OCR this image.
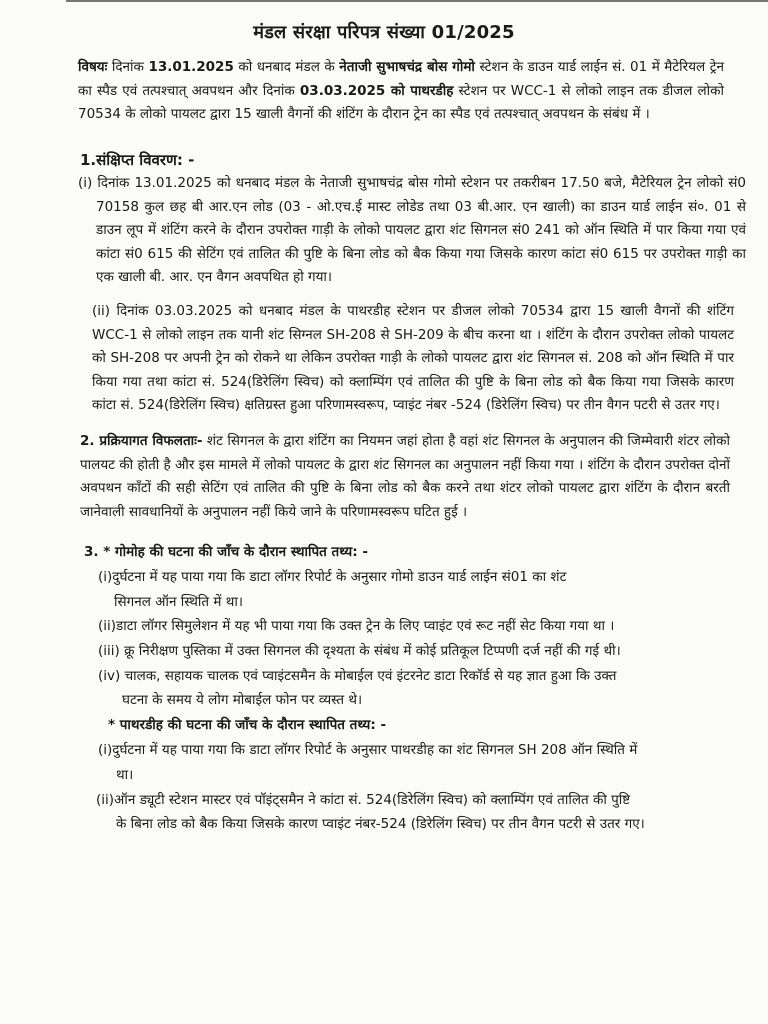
मंडल संरक्षा परिपत्र संख्या 01/2025
विषयः दिनांक 13.01.2025 को धनबाद मंडल के नेताजी सुभाषचंद्र बोस गोमो स्टेशन के डाउन यार्ड लाईन सं. 01 में मैटेरियल ट्रेन का स्पैड एवं तत्पश्चात् अवपथन और दिनांक 03.03.2025 को पाथरडीह स्टेशन पर WCC-1 से लोको लाइन तक डीजल लोको 70534 के लोको पायलट द्वारा 15 खाली वैगनों की शंटिंग के दौरान ट्रेन का स्पैड एवं तत्पश्चात् अवपथन के संबंध में ।
1.संक्षिप्त विवरण: -
(i) दिनांक 13.01.2025 को धनबाद मंडल के नेताजी सुभाषचंद्र बोस गोमो स्टेशन पर तकरीबन 17.50 बजे, मैटेरियल ट्रेन लोको सं0 70158 कुल छह बी आर.एन लोड (03 - ओ.एच.ई मास्ट लोडेड तथा 03 बी.आर. एन खाली) का डाउन यार्ड लाईन सं०. 01 से डाउन लूप में शंटिंग करने के दौरान उपरोक्त गाड़ी के लोको पायलट द्वारा शंट सिगनल सं0 241 को ऑन स्थिति में पार किया गया एवं कांटा सं0 615 की सेटिंग एवं तालित की पुष्टि के बिना लोड को बैक किया गया जिसके कारण कांटा सं0 615 पर उपरोक्त गाड़ी का एक खाली बी. आर. एन वैगन अवपथित हो गया।
(ii) दिनांक 03.03.2025 को धनबाद मंडल के पाथरडीह स्टेशन पर डीजल लोको 70534 द्वारा 15 खाली वैगनों की शंटिंग WCC-1 से लोको लाइन तक यानी शंट सिग्नल SH-208 से SH-209 के बीच करना था । शंटिंग के दौरान उपरोक्त लोको पायलट को SH-208 पर अपनी ट्रेन को रोकने था लेकिन उपरोक्त गाड़ी के लोको पायलट द्वारा शंट सिगनल सं. 208 को ऑन स्थिति में पार किया गया तथा कांटा सं. 524(डिरेलिंग स्विच) को क्लाम्पिंग एवं तालित की पुष्टि के बिना लोड को बैक किया गया जिसके कारण कांटा सं. 524(डिरेलिंग स्विच) क्षतिग्रस्त हुआ परिणामस्वरूप, प्वाइंट नंबर -524 (डिरेलिंग स्विच) पर तीन वैगन पटरी से उतर गए।
2. प्रक्रियागत विफलताः- शंट सिगनल के द्वारा शंटिंग का नियमन जहां होता है वहां शंट सिगनल के अनुपालन की जिम्मेवारी शंटर लोको पालयट की होती है और इस मामले में लोको पायलट के द्वारा शंट सिगनल का अनुपालन नहीं किया गया । शंटिंग के दौरान उपरोक्त दोनों अवपथन काँटों की सही सेटिंग एवं तालित की पुष्टि के बिना लोड को बैक करने तथा शंटर लोको पायलट द्वारा शंटिंग के दौरान बरती जानेवाली सावधानियों के अनुपालन नहीं किये जाने के परिणामस्वरूप घटित हुई ।
3. * गोमोह की घटना की जाँच के दौरान स्थापित तथ्य: -
(i)दुर्घटना में यह पाया गया कि डाटा लॉगर रिपोर्ट के अनुसार गोमो डाउन यार्ड लाईन सं01 का शंट
सिगनल ऑन स्थिति में था।
(ii)डाटा लॉगर सिमुलेशन में यह भी पाया गया कि उक्त ट्रेन के लिए प्वाइंट एवं रूट नहीं सेट किया गया था ।
(iii) क्रू निरीक्षण पुस्तिका में उक्त सिगनल की दृश्यता के संबंध में कोई प्रतिकूल टिप्पणी दर्ज नहीं की गई थी।
(iv) चालक, सहायक चालक एवं प्वाइंटसमैन के मोबाईल एवं इंटरनेट डाटा रिकॉर्ड से यह ज्ञात हुआ कि उक्त
घटना के समय ये लोग मोबाईल फोन पर व्यस्त थे।
* पाथरडीह की घटना की जाँच के दौरान स्थापित तथ्य: -
(i)दुर्घटना में यह पाया गया कि डाटा लॉगर रिपोर्ट के अनुसार पाथरडीह का शंट सिगनल SH 208 ऑन स्थिति में
था।
(ii)ऑन ड्यूटी स्टेशन मास्टर एवं पॉइंट्समैन ने कांटा सं. 524(डिरेलिंग स्विच) को क्लाम्पिंग एवं तालित की पुष्टि
के बिना लोड को बैक किया जिसके कारण प्वाइंट नंबर-524 (डिरेलिंग स्विच) पर तीन वैगन पटरी से उतर गए।
